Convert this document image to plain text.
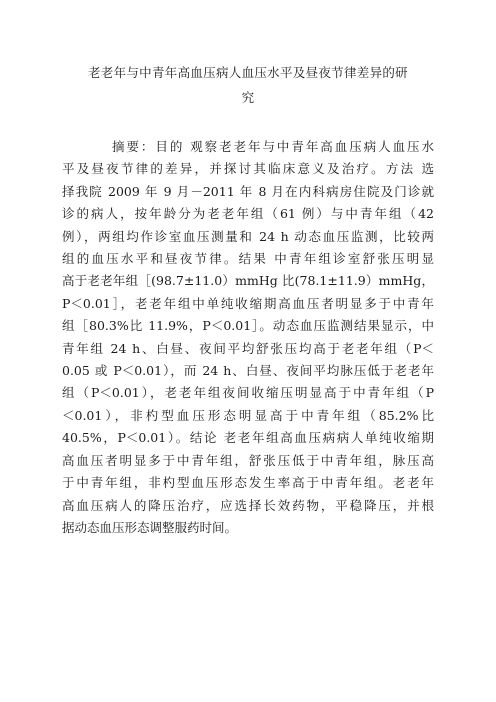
老老年与中青年高血压病人血压水平及昼夜节律差异的研
究

摘要：目的 观察老老年与中青年高血压病人血压水
平及昼夜节律的差异，并探讨其临床意义及治疗。方法 选
择我院 2009 年 9 月－2011 年 8 月在内科病房住院及门诊就
诊的病人，按年龄分为老老年组（61 例）与中青年组（42
例），两组均作诊室血压测量和 24 h 动态血压监测，比较两
组的血压水平和昼夜节律。结果 中青年组诊室舒张压明显
高于老老年组［(98.7±11.0）mmHg 比(78.1±11.9）mmHg，
P＜0.01］，老老年组中单纯收缩期高血压者明显多于中青年
组［80.3%比 11.9%，P＜0.01］。动态血压监测结果显示，中
青年组 24 h、白昼、夜间平均舒张压均高于老老年组（P＜
0.05 或 P＜0.01），而 24 h、白昼、夜间平均脉压低于老老年
组（P＜0.01），老老年组夜间收缩压明显高于中青年组（P
＜0.01），非杓型血压形态明显高于中青年组（85.2%比
40.5%，P＜0.01）。结论 老老年组高血压病病人单纯收缩期
高血压者明显多于中青年组，舒张压低于中青年组，脉压高
于中青年组，非杓型血压形态发生率高于中青年组。老老年
高血压病人的降压治疗，应选择长效药物，平稳降压，并根
据动态血压形态调整服药时间。
